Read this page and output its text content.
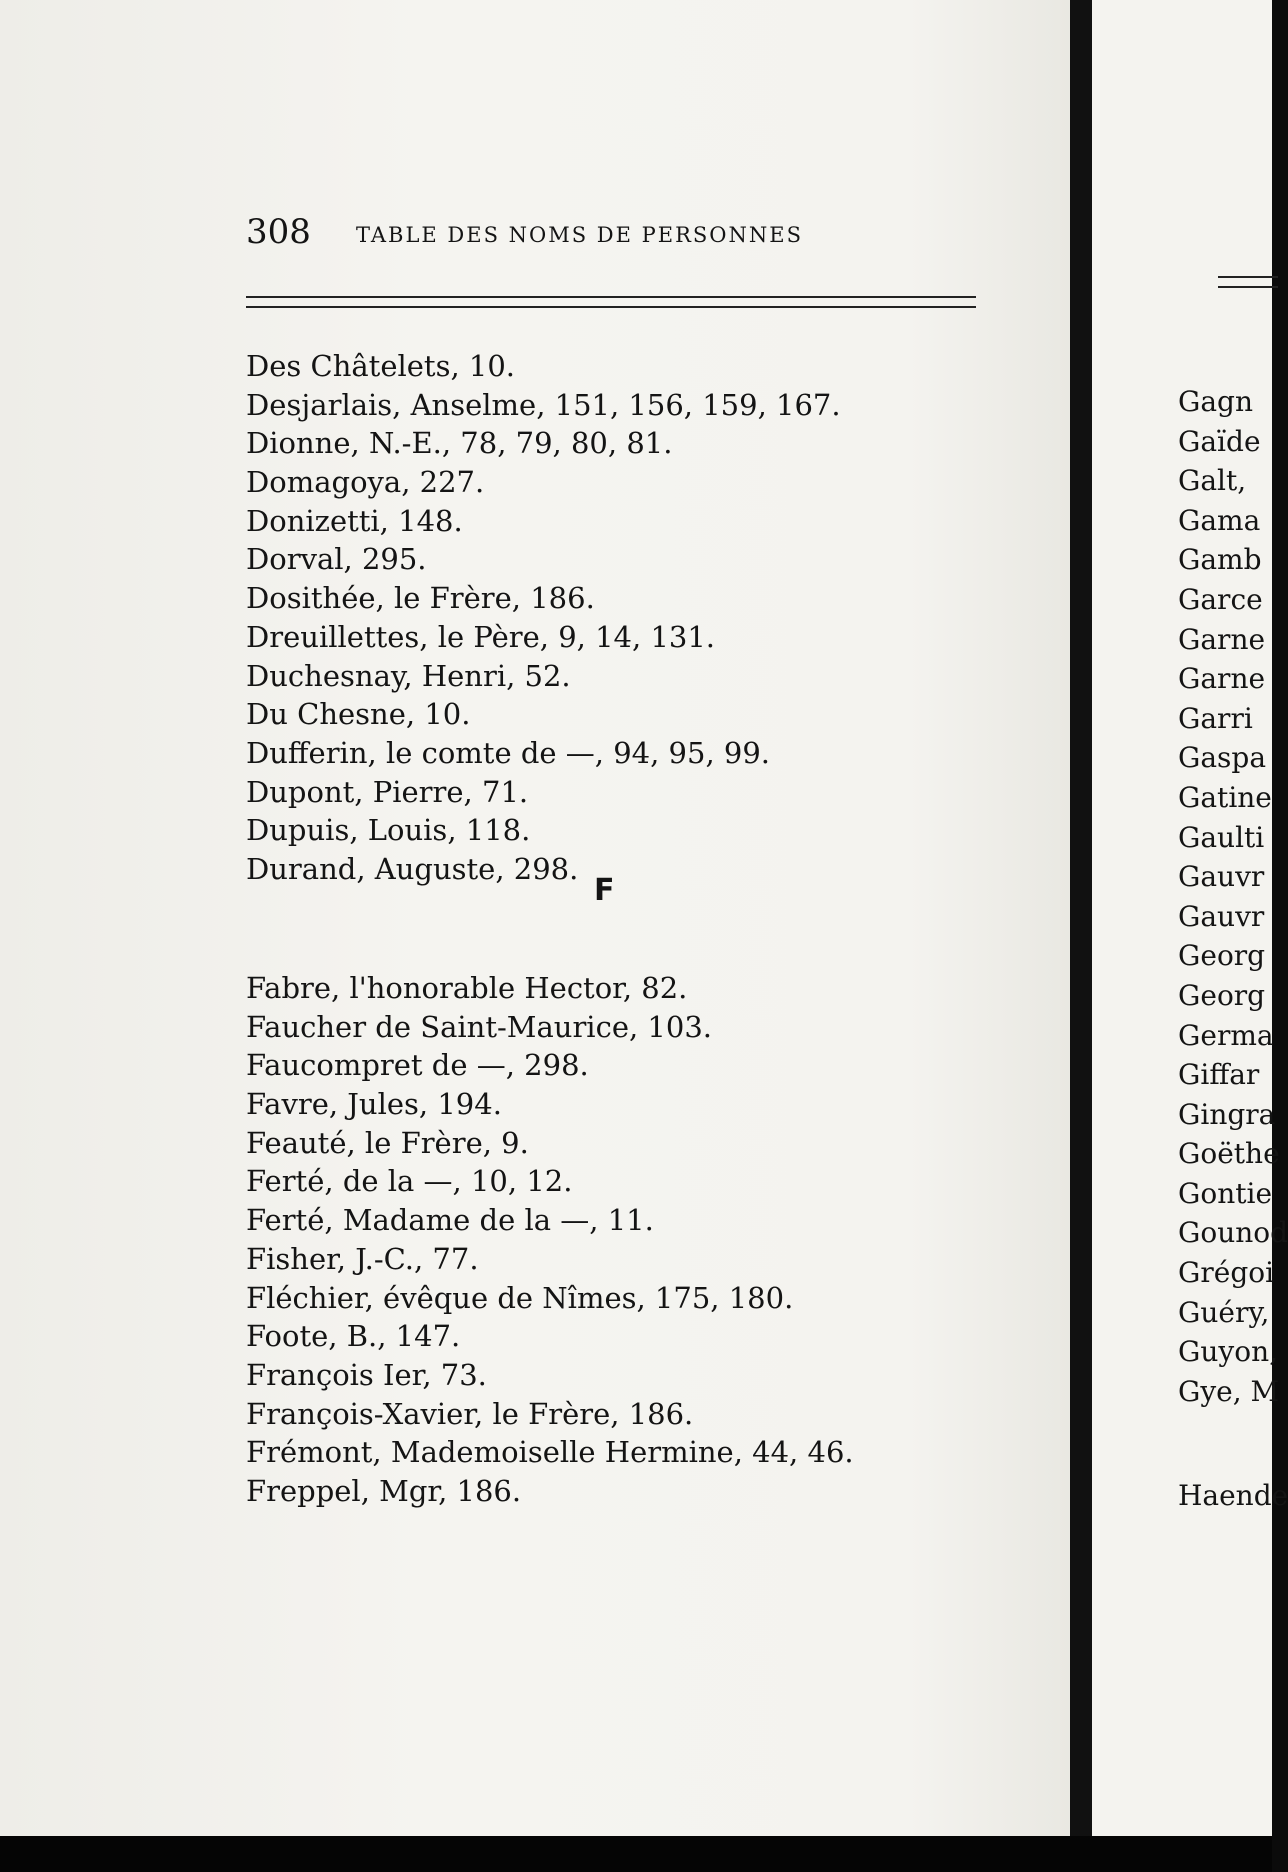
308 TABLE DES NOMS DE PERSONNES
Des Châtelets, 10.
Desjarlais, Anselme, 151, 156, 159, 167.
Dionne, N.-E., 78, 79, 80, 81.
Domagoya, 227.
Donizetti, 148.
Dorval, 295.
Dosithée, le Frère, 186.
Dreuillettes, le Père, 9, 14, 131.
Duchesnay, Henri, 52.
Du Chesne, 10.
Dufferin, le comte de —, 94, 95, 99.
Dupont, Pierre, 71.
Dupuis, Louis, 118.
Durand, Auguste, 298.
F
Fabre, l'honorable Hector, 82.
Faucher de Saint-Maurice, 103.
Faucompret de —, 298.
Favre, Jules, 194.
Feauté, le Frère, 9.
Ferté, de la —, 10, 12.
Ferté, Madame de la —, 11.
Fisher, J.-C., 77.
Fléchier, évêque de Nîmes, 175, 180.
Foote, B., 147.
François Ier, 73.
François-Xavier, le Frère, 186.
Frémont, Mademoiselle Hermine, 44, 46.
Freppel, Mgr, 186.
Gagn
Gaïde
Galt,
Gama
Gamb
Garce
Garne
Garne
Garri
Gaspa
Gatine
Gaulti
Gauvr
Gauvr
Georg
Georg
Germa
Giffar
Gingra
Goëthe
Gontie
Gounod
Grégoi
Guéry,
Guyon,
Gye, M
Haende
